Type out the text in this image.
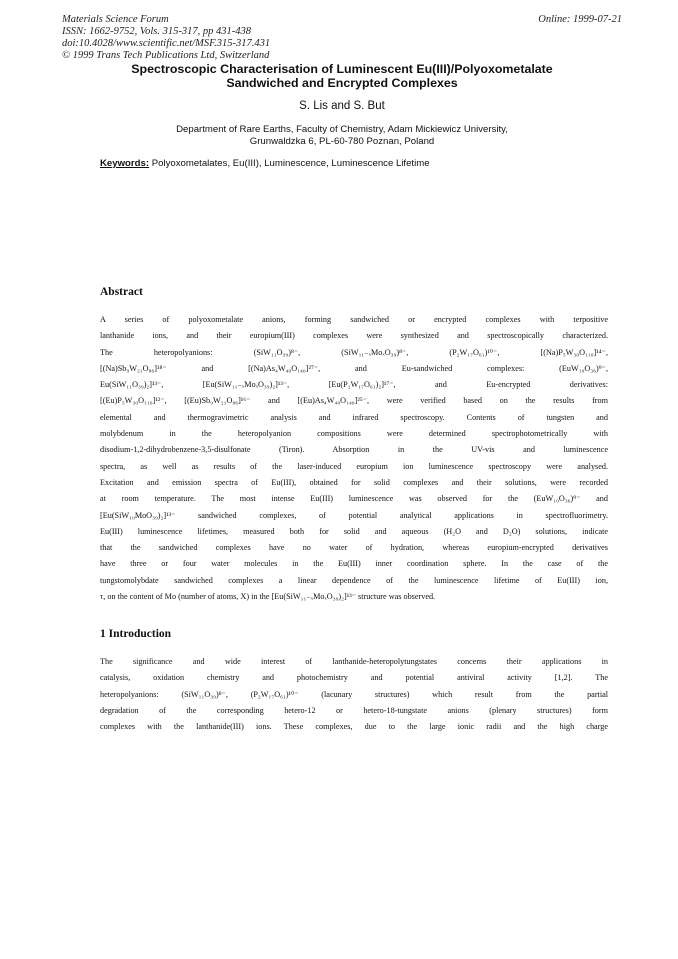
Materials Science Forum
ISSN: 1662-9752, Vols. 315-317, pp 431-438
doi:10.4028/www.scientific.net/MSF.315-317.431
© 1999 Trans Tech Publications Ltd, Switzerland
Online: 1999-07-21
Spectroscopic Characterisation of Luminescent Eu(III)/Polyoxometalate
Sandwiched and Encrypted Complexes
S. Lis and S. But
Department of Rare Earths, Faculty of Chemistry, Adam Mickiewicz University,
Grunwaldzka 6, PL-60-780 Poznan, Poland
Keywords: Polyoxometalates, Eu(III), Luminescence, Luminescence Lifetime
Abstract
A series of polyoxometalate anions, forming sandwiched or encrypted complexes with terpositive
lanthanide ions, and their europium(III) complexes were synthesized and spectroscopically characterized.
The heteropolyanions: (SiW₁₁O₃₉)⁸⁻, (SiW₁₁₋ₓMoₓO₃₉)⁸⁻, (P₂W₁₇O₆₁)¹⁰⁻, [(Na)P₅W₃₀O₁₁₀]¹⁴⁻,
[(Na)Sb₉W₂₁O₈₆]¹⁸⁻ and [(Na)As₄W₄₀O₁₄₀]²⁷⁻, and Eu-sandwiched complexes: (EuW₁₀O₃₆)⁹⁻,
Eu(SiW₁₁O₃₉)₂]¹³⁻, [Eu(SiW₁₁₋ₓMoₓO₃₉)₂]¹³⁻, [Eu(P₂W₁₇O₆₁)₂]¹⁷⁻, and Eu-encrypted derivatives:
[(Eu)P₅W₃₀O₁₁₀]¹²⁻, [(Eu)Sb₉W₂₁O₈₆]¹⁶⁻ and [(Eu)As₄W₄₀O₁₄₀]²⁵⁻, were verified based on the results from
elemental and thermogravimetric analysis and infrared spectroscopy. Contents of tungsten and
molybdenum in the heteropolyanion compositions were determined spectrophotometrically with
disodium-1,2-dihydrobenzene-3,5-disulfonate (Tiron). Absorption in the UV-vis and luminescence
spectra, as well as results of the laser-induced europium ion luminescence spectroscopy were analysed.
Excitation and emission spectra of Eu(III), obtained for solid complexes and their solutions, were recorded
at room temperature. The most intense Eu(III) luminescence was observed for the (EuW₁₀O₃₆)⁹⁻ and
[Eu(SiW₁₀MoO₃₉)₂]¹³⁻ sandwiched complexes, of potential analytical applications in spectrofluorimetry.
Eu(III) luminescence lifetimes, measured both for solid and aqueous (H₂O and D₂O) solutions, indicate
that the sandwiched complexes have no water of hydration, whereas europium-encrypted derivatives
have three or four water molecules in the Eu(III) inner coordination sphere. In the case of the
tungstomolybdate sandwiched complexes a linear dependence of the luminescence lifetime of Eu(III) ion,
τ, on the content of Mo (number of atoms, X) in the [Eu(SiW₁₁₋ₓMoₓO₃₉)₂]¹³⁻ structure was observed.
1 Introduction
The significance and wide interest of lanthanide-heteropolytungstates concerns their applications in
catalysis, oxidation chemistry and photochemistry and potential antiviral activity [1,2]. The
heteropolyanions: (SiW₁₁O₃₉)⁸⁻, (P₂W₁₇O₆₁)¹⁰⁻ (lacunary structures) which result from the partial
degradation of the corresponding hetero-12 or hetero-18-tungstate anions (plenary structures) form
complexes with the lanthanide(III) ions. These complexes, due to the large ionic radii and the high charge
